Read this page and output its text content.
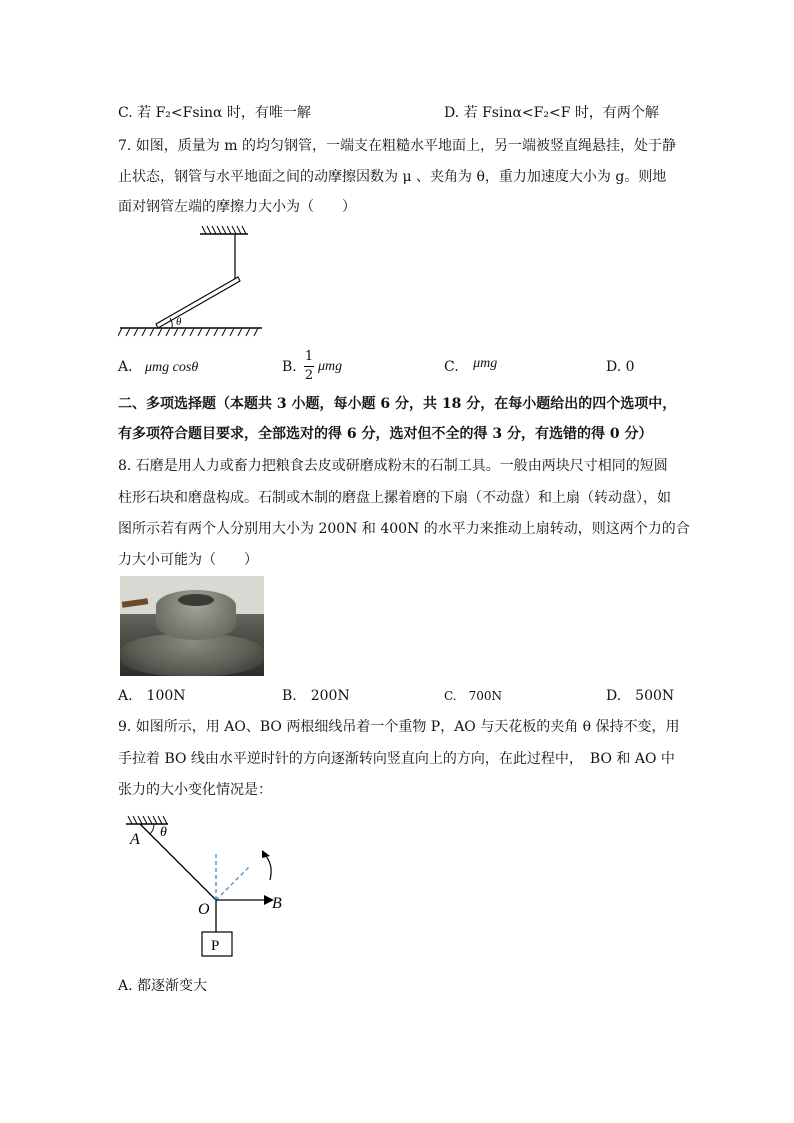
C. 若 F₂<Fsinα 时，有唯一解	D. 若 Fsinα<F₂<F 时，有两个解
7. 如图，质量为 m 的均匀钢管，一端支在粗糙水平地面上，另一端被竖直绳悬挂，处于静
止状态，钢管与水平地面之间的动摩擦因数为 μ 、夹角为 θ，重力加速度大小为 g。则地
面对钢管左端的摩擦力大小为（　　）
θ
A. μmg cosθ	B.
1
2
μmg	C. μmg	D. 0
二、多项选择题（本题共 3 小题，每小题 6 分，共 18 分，在每小题给出的四个选项中，
有多项符合题目要求，全部选对的得 6 分，选对但不全的得 3 分，有选错的得 0 分）
8. 石磨是用人力或畜力把粮食去皮或研磨成粉末的石制工具。一般由两块尺寸相同的短圆
柱形石块和磨盘构成。石制或木制的磨盘上摞着磨的下扇（不动盘）和上扇（转动盘），如
图所示若有两个人分别用大小为 200N 和 400N 的水平力来推动上扇转动，则这两个力的合
力大小可能为（　　）
A.　100N	B.　200N	C.　700N	D.　500N
9. 如图所示，用 AO、BO 两根细线吊着一个重物 P，AO 与天花板的夹角 θ 保持不变，用
手拉着 BO 线由水平逆时针的方向逐渐转向竖直向上的方向，在此过程中，　BO 和 AO 中
张力的大小变化情况是：
θ
A
B
O
P
A. 都逐渐变大
